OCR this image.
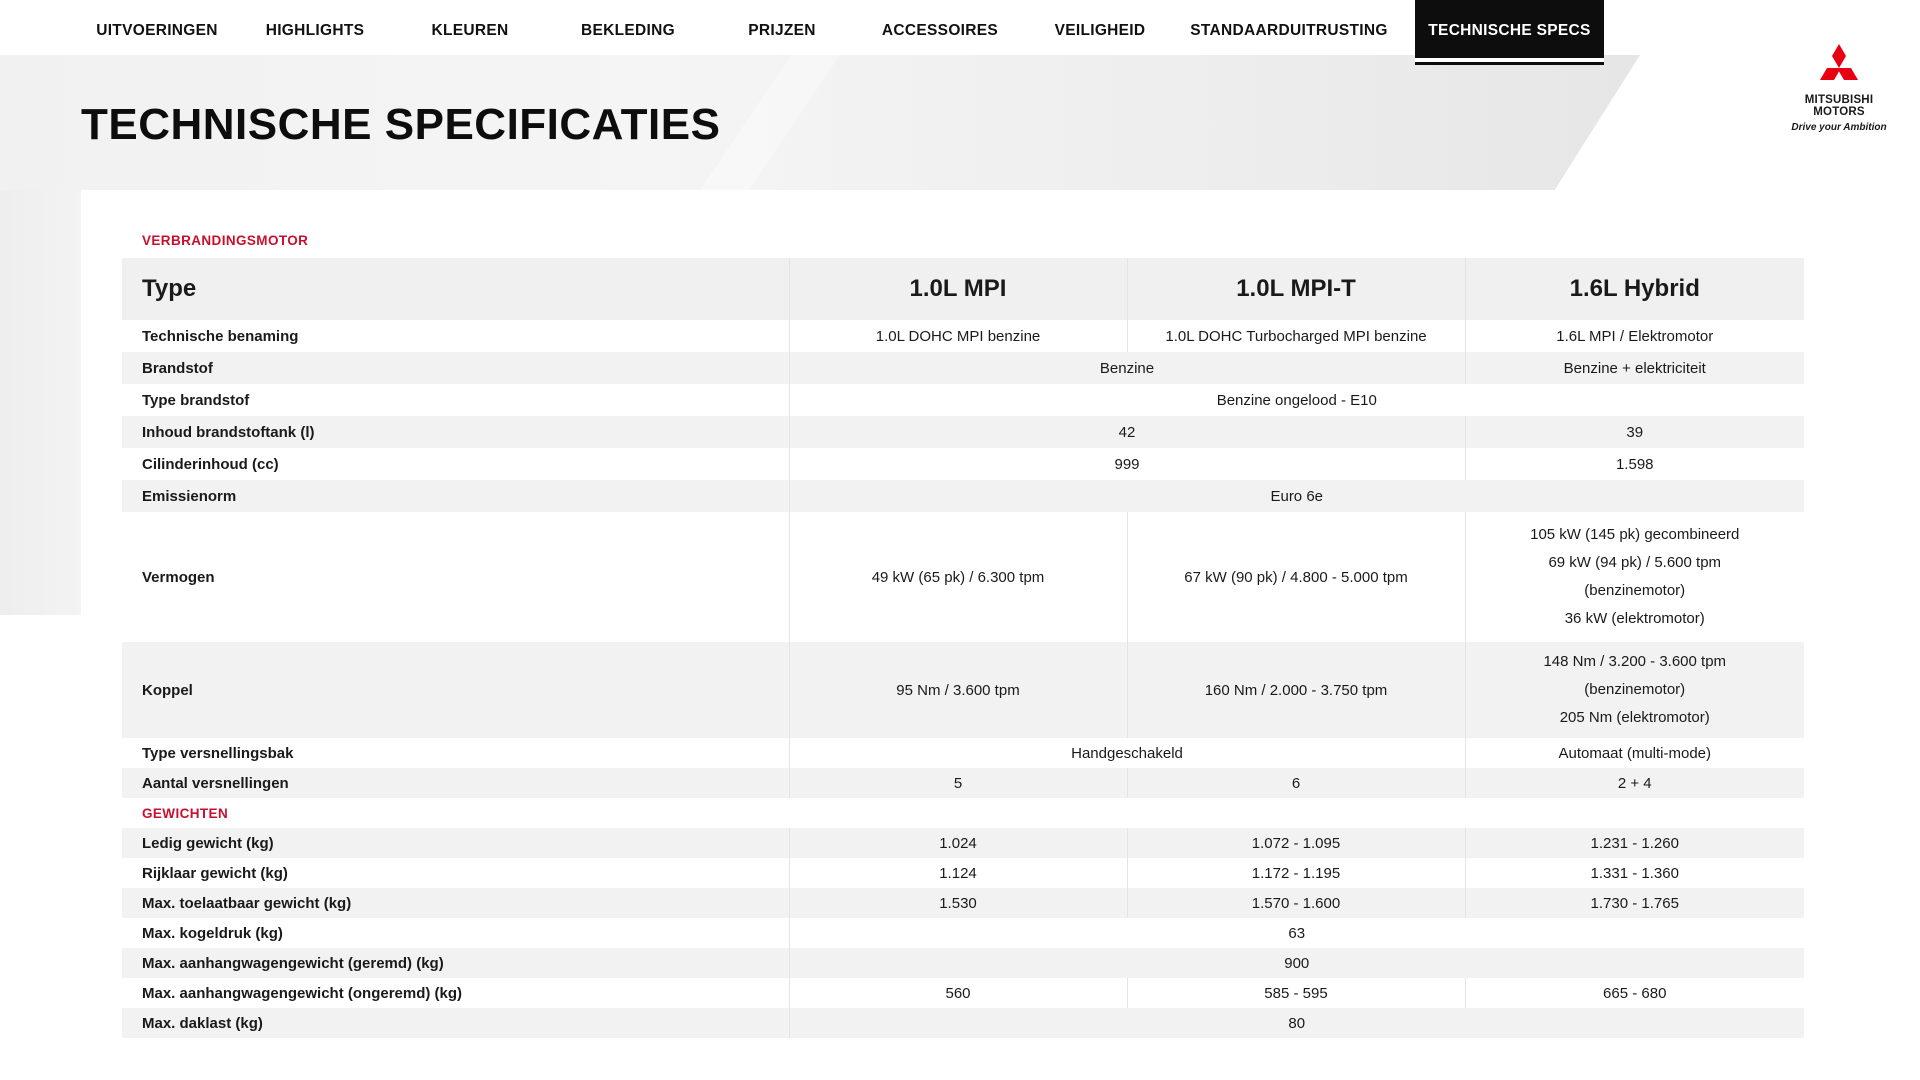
UITVOERINGEN	HIGHLIGHTS	KLEUREN	BEKLEDING	PRIJZEN	ACCESSOIRES	VEILIGHEID	STANDAARDUITRUSTING	TECHNISCHE SPECS
MITSUBISHI
MOTORS
Drive your Ambition
TECHNISCHE SPECIFICATIES
VERBRANDINGSMOTOR
Type	1.0L MPI	1.0L MPI-T	1.6L Hybrid
Technische benaming	1.0L DOHC MPI benzine	1.0L DOHC Turbocharged MPI benzine	1.6L MPI / Elektromotor
Brandstof	Benzine		Benzine + elektriciteit
Type brandstof	Benzine ongelood - E10		
Inhoud brandstoftank (l)	42		39
Cilinderinhoud (cc)	999		1.598
Emissienorm	Euro 6e		
Vermogen	49 kW (65 pk) / 6.300 tpm	67 kW (90 pk) / 4.800 - 5.000 tpm	105 kW (145 pk) gecombineerd
69 kW (94 pk) / 5.600 tpm
(benzinemotor)
36 kW (elektromotor)

Koppel	95 Nm / 3.600 tpm	160 Nm / 2.000 - 3.750 tpm	148 Nm / 3.200 - 3.600 tpm
(benzinemotor)
205 Nm (elektromotor)

Type versnellingsbak	Handgeschakeld		Automaat (multi-mode)
Aantal versnellingen	5	6	2 + 4
GEWICHTEN			
Ledig gewicht (kg)	1.024	1.072 - 1.095	1.231 - 1.260
Rijklaar gewicht (kg)	1.124	1.172 - 1.195	1.331 - 1.360
Max. toelaatbaar gewicht (kg)	1.530	1.570 - 1.600	1.730 - 1.765
Max. kogeldruk (kg)	63		
Max. aanhangwagengewicht (geremd) (kg)	900		
Max. aanhangwagengewicht (ongeremd) (kg)	560	585 - 595	665 - 680
Max. daklast (kg)	80		
